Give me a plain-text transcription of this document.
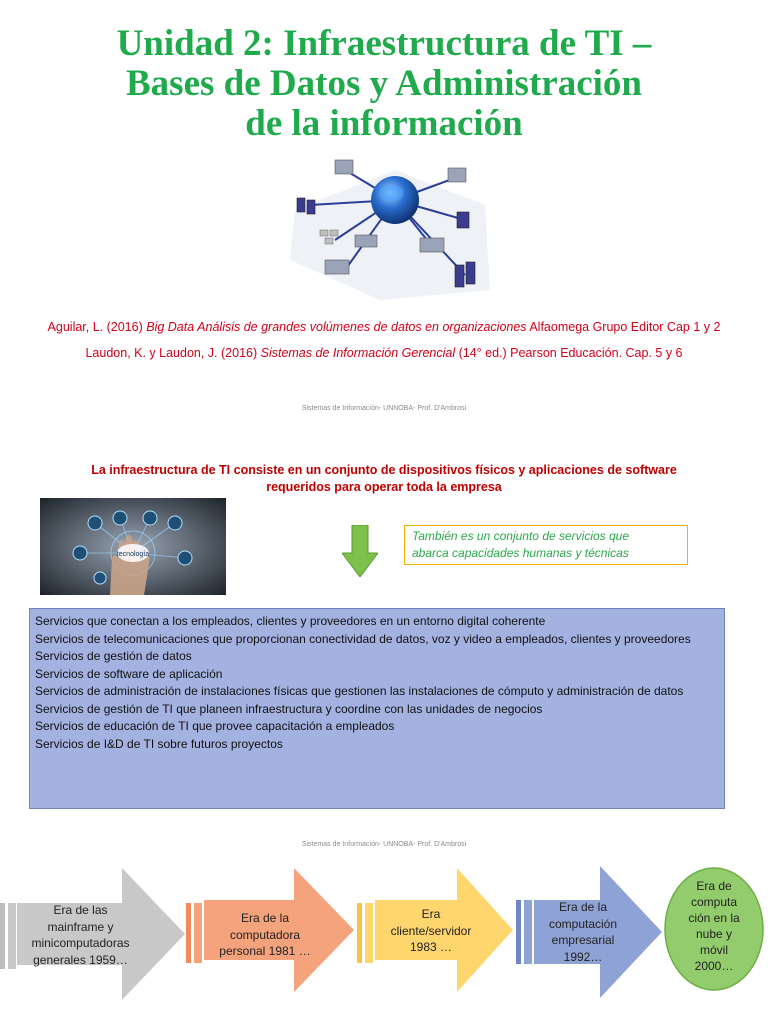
Unidad 2: Infraestructura de TI –
Bases de Datos y Administración
de la información
Aguilar, L. (2016) Big Data Análisis de grandes volúmenes de datos en organizaciones Alfaomega Grupo Editor Cap 1 y 2
Laudon, K. y Laudon, J. (2016) Sistemas de Información Gerencial (14° ed.) Pearson Educación. Cap. 5 y 6
Sistemas de Información- UNNOBA- Prof. D'Ambrosi
La infraestructura de TI consiste en un conjunto de dispositivos físicos y aplicaciones de software
requeridos para operar toda la empresa
tecnología
También es un conjunto de servicios que
abarca capacidades humanas y técnicas
Servicios que conectan a los empleados, clientes y proveedores en un entorno digital coherente
Servicios de telecomunicaciones que proporcionan conectividad de datos, voz y video a empleados, clientes y proveedores
Servicios de gestión de datos
Servicios de software de aplicación
Servicios de administración de instalaciones físicas que gestionen las instalaciones de cómputo y administración de datos
Servicios de gestión de TI que planeen infraestructura y coordine con las unidades de negocios
Servicios de educación de TI que provee capacitación a empleados
Servicios de I&D de TI sobre futuros proyectos
Sistemas de Información- UNNOBA- Prof. D'Ambrosi
Era de las
mainframe y
minicomputadoras
generales 1959…
Era de la
computadora
personal 1981 …
Era
cliente/servidor
1983 …
Era de la
computación
empresarial
1992…
Era de
computa
ción en la
nube y
móvil
2000…
